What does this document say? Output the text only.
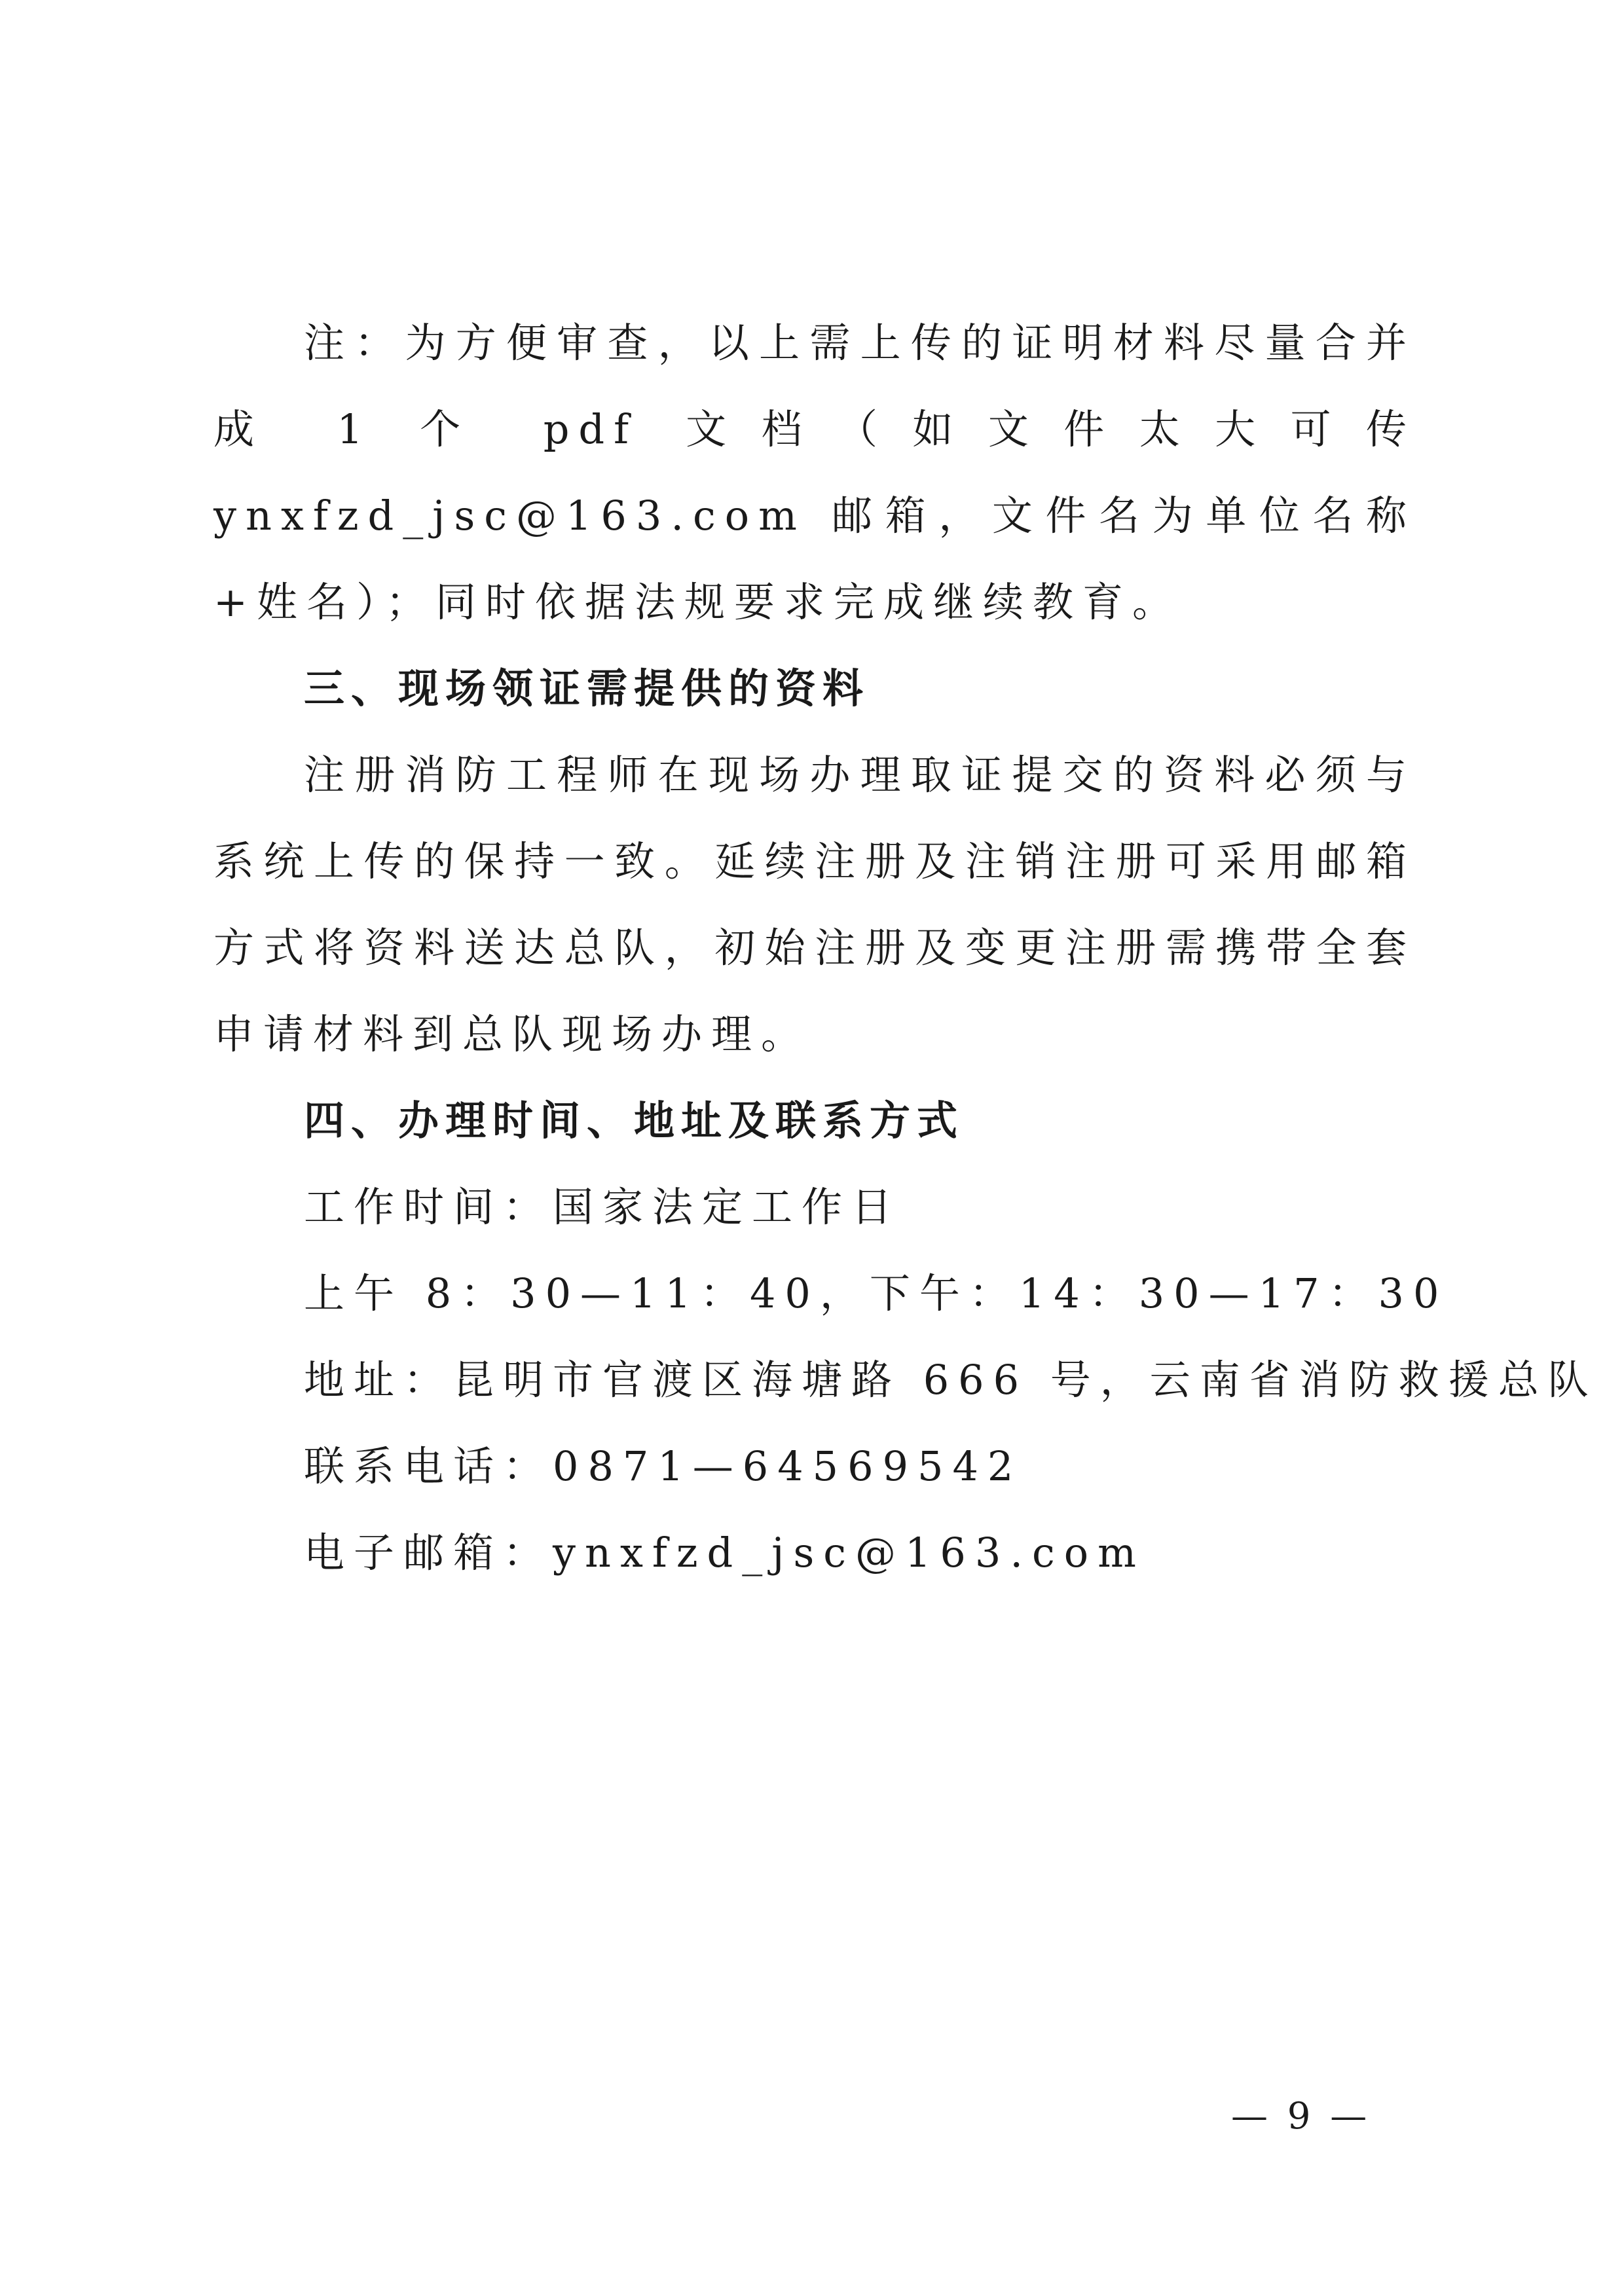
注：为方便审查，以上需上传的证明材料尽量合并成 1 个 pdf 文档（如文件太大可传 ynxfzd_jsc@163.com 邮箱，文件名为单位名称+姓名）；同时依据法规要求完成继续教育。

三、现场领证需提供的资料

注册消防工程师在现场办理取证提交的资料必须与系统上传的保持一致。延续注册及注销注册可采用邮箱方式将资料送达总队，初始注册及变更注册需携带全套申请材料到总队现场办理。

四、办理时间、地址及联系方式

工作时间：国家法定工作日

上午 8：30—11：40，下午：14：30—17：30

地址：昆明市官渡区海塘路 666 号，云南省消防救援总队

联系电话：0871—64569542

电子邮箱：ynxfzd_jsc@163.com

— 9 —
